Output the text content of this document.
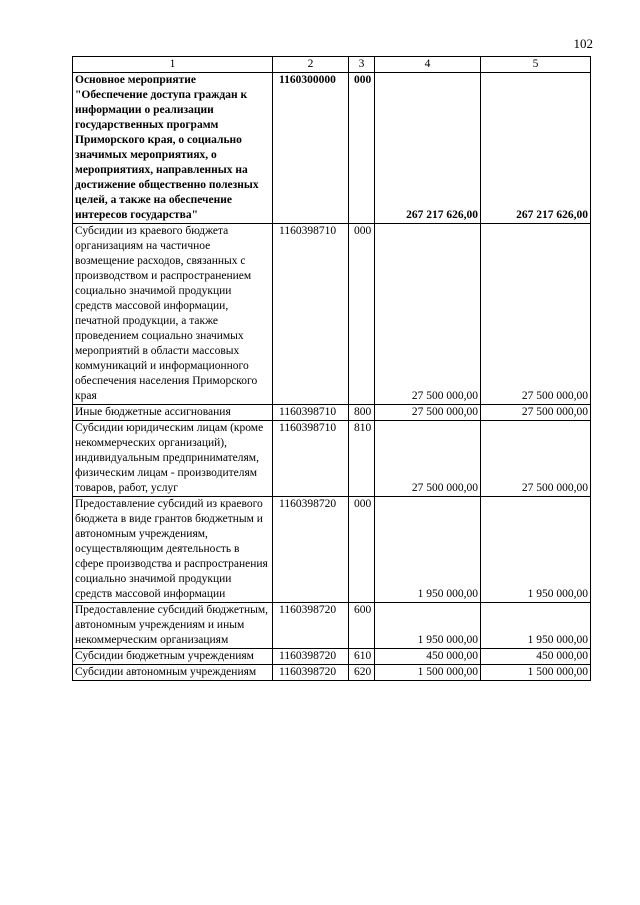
102
1	2	3	4	5
Основное мероприятие "Обеспечение доступа граждан к информации о реализации государственных программ Приморского края, о социально значимых мероприятиях, о мероприятиях, направленных на достижение общественно полезных целей, а также на обеспечение интересов государства"	1160300000	000	267 217 626,00	267 217 626,00
Субсидии из краевого бюджета организациям на частичное возмещение расходов, связанных с производством и распространением социально значимой продукции средств массовой информации, печатной продукции, а также проведением социально значимых мероприятий в области массовых коммуникаций и информационного обеспечения населения Приморского края	1160398710	000	27 500 000,00	27 500 000,00
Иные бюджетные ассигнования	1160398710	800	27 500 000,00	27 500 000,00
Субсидии юридическим лицам (кроме некоммерческих организаций), индивидуальным предпринимателям, физическим лицам - производителям товаров, работ, услуг	1160398710	810	27 500 000,00	27 500 000,00
Предоставление субсидий из краевого бюджета в виде грантов бюджетным и автономным учреждениям, осуществляющим деятельность в сфере производства и распространения социально значимой продукции средств массовой информации	1160398720	000	1 950 000,00	1 950 000,00
Предоставление субсидий бюджетным, автономным учреждениям и иным некоммерческим организациям	1160398720	600	1 950 000,00	1 950 000,00
Субсидии бюджетным учреждениям	1160398720	610	450 000,00	450 000,00
Субсидии автономным учреждениям	1160398720	620	1 500 000,00	1 500 000,00
